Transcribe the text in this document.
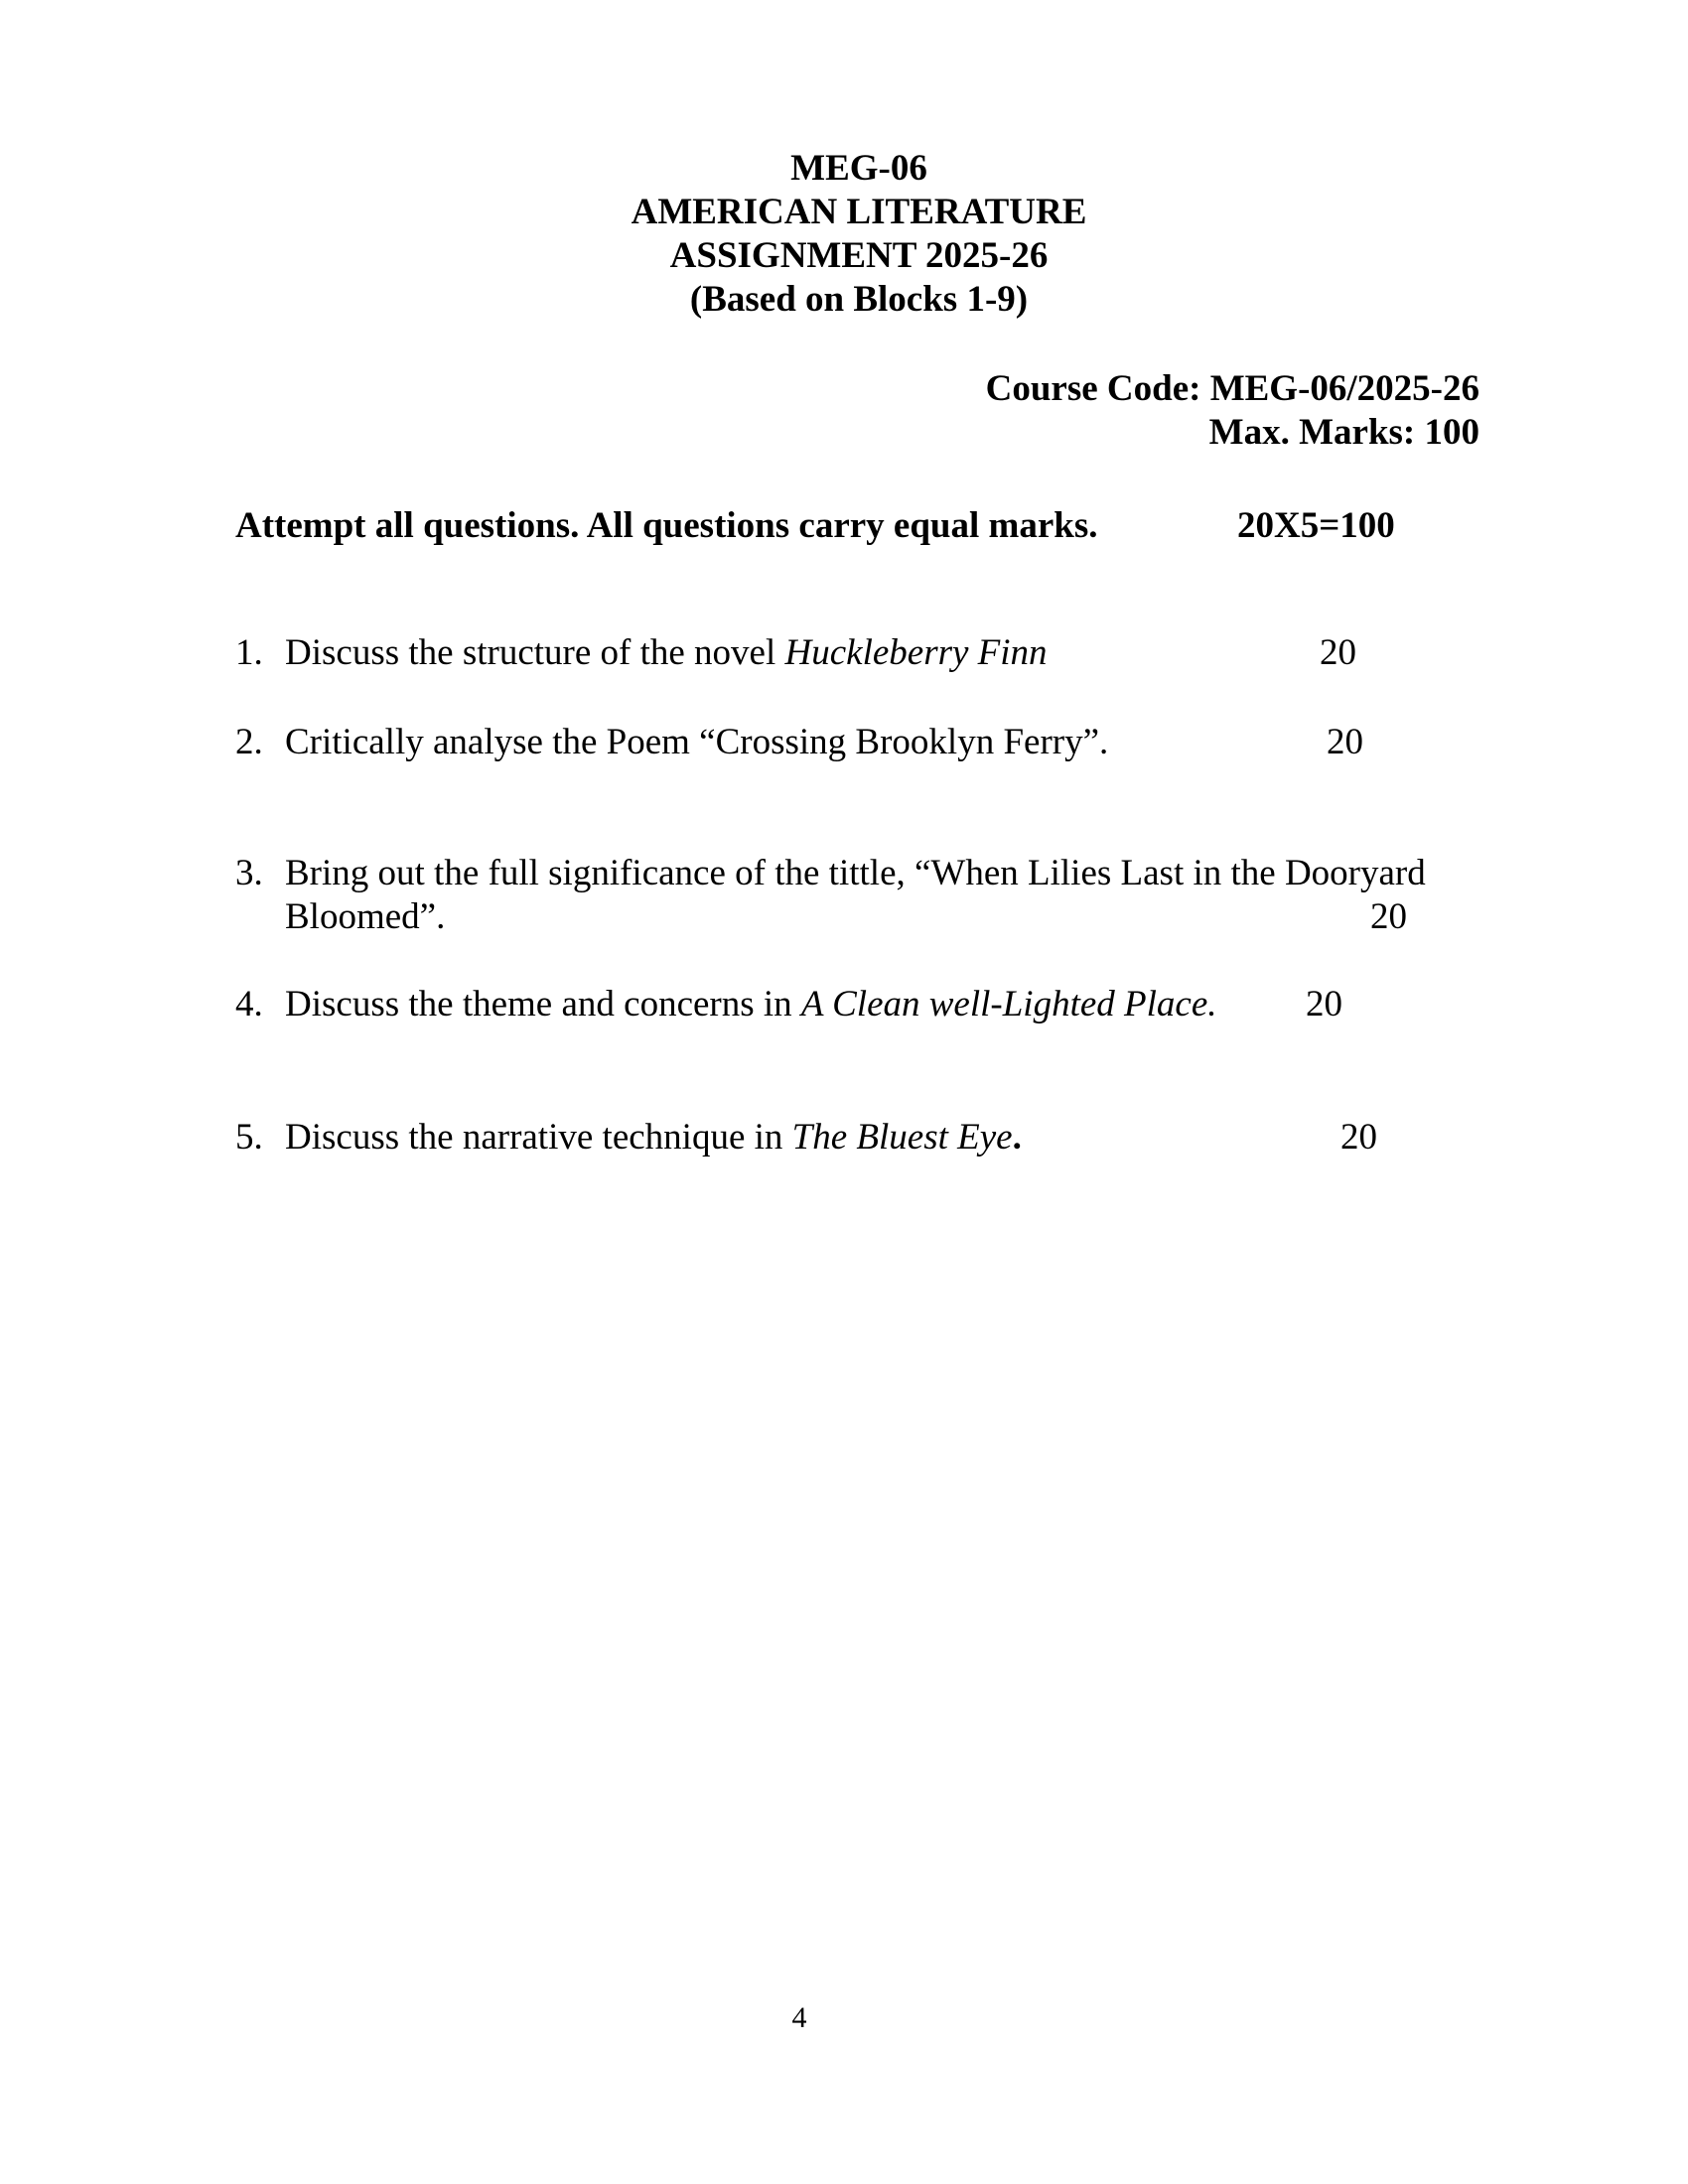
MEG-06
AMERICAN LITERATURE
ASSIGNMENT 2025-26
(Based on Blocks 1-9)
Course Code: MEG-06/2025-26
Max. Marks: 100
Attempt all questions. All questions carry equal marks.	20X5=100
1. Discuss the structure of the novel Huckleberry Finn	20
2. Critically analyse the Poem “Crossing Brooklyn Ferry”.	20
3. Bring out the full significance of the tittle, “When Lilies Last in the Dooryard
Bloomed”.	20
4. Discuss the theme and concerns in A Clean well-Lighted Place. 20
5. Discuss the narrative technique in The Bluest Eye.	20
4
